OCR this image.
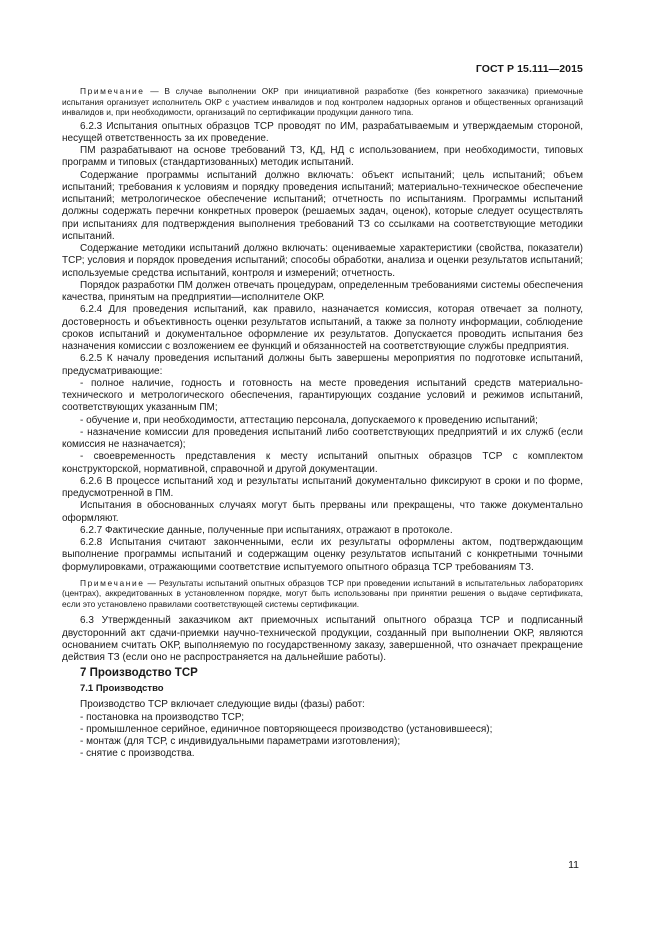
ГОСТ Р 15.111—2015

Примечание — В случае выполнении ОКР при инициативной разработке (без конкретного заказчика) приемочные испытания организует исполнитель ОКР с участием инвалидов и под контролем надзорных органов и общественных организаций инвалидов и, при необходимости, организаций по сертификации продукции данного типа.

6.2.3 Испытания опытных образцов ТСР проводят по ИМ, разрабатываемым и утверждаемым стороной, несущей ответственность за их проведение.

ПМ разрабатывают на основе требований ТЗ, КД, НД с использованием, при необходимости, типовых программ и типовых (стандартизованных) методик испытаний.

Содержание программы испытаний должно включать: объект испытаний; цель испытаний; объем испытаний; требования к условиям и порядку проведения испытаний; материально-техническое обеспечение испытаний; метрологическое обеспечение испытаний; отчетность по испытаниям. Программы испытаний должны содержать перечни конкретных проверок (решаемых задач, оценок), которые следует осуществлять при испытаниях для подтверждения выполнения требований ТЗ со ссылками на соответствующие методики испытаний.

Содержание методики испытаний должно включать: оцениваемые характеристики (свойства, показатели) ТСР; условия и порядок проведения испытаний; способы обработки, анализа и оценки результатов испытаний; используемые средства испытаний, контроля и измерений; отчетность.

Порядок разработки ПМ должен отвечать процедурам, определенным требованиями системы обеспечения качества, принятым на предприятии—исполнителе ОКР.

6.2.4 Для проведения испытаний, как правило, назначается комиссия, которая отвечает за полноту, достоверность и объективность оценки результатов испытаний, а также за полноту информации, соблюдение сроков испытаний и документальное оформление их результатов. Допускается проводить испытания без назначения комиссии с возложением ее функций и обязанностей на соответствующие службы предприятия.

6.2.5 К началу проведения испытаний должны быть завершены мероприятия по подготовке испытаний, предусматривающие:

- полное наличие, годность и готовность на месте проведения испытаний средств материально-технического и метрологического обеспечения, гарантирующих создание условий и режимов испытаний, соответствующих указанным ПМ;

- обучение и, при необходимости, аттестацию персонала, допускаемого к проведению испытаний;

- назначение комиссии для проведения испытаний либо соответствующих предприятий и их служб (если комиссия не назначается);

- своевременность представления к месту испытаний опытных образцов ТСР с комплектом конструкторской, нормативной, справочной и другой документации.

6.2.6 В процессе испытаний ход и результаты испытаний документально фиксируют в сроки и по форме, предусмотренной в ПМ.

Испытания в обоснованных случаях могут быть прерваны или прекращены, что также документально оформляют.

6.2.7 Фактические данные, полученные при испытаниях, отражают в протоколе.

6.2.8 Испытания считают законченными, если их результаты оформлены актом, подтверждающим выполнение программы испытаний и содержащим оценку результатов испытаний с конкретными точными формулировками, отражающими соответствие испытуемого опытного образца ТСР требованиям ТЗ.

Примечание — Результаты испытаний опытных образцов ТСР при проведении испытаний в испытательных лабораториях (центрах), аккредитованных в установленном порядке, могут быть использованы при принятии решения о выдаче сертификата, если это установлено правилами соответствующей системы сертификации.

6.3 Утвержденный заказчиком акт приемочных испытаний опытного образца ТСР и подписанный двусторонний акт сдачи-приемки научно-технической продукции, созданный при выполнении ОКР, являются основанием считать ОКР, выполняемую по государственному заказу, завершенной, что означает прекращение действия ТЗ (если оно не распространяется на дальнейшие работы).

7 Производство ТСР
7.1 Производство

Производство ТСР включает следующие виды (фазы) работ:

- постановка на производство ТСР;

- промышленное серийное, единичное повторяющееся производство (установившееся);

- монтаж (для ТСР, с индивидуальными параметрами изготовления);

- снятие с производства.

11
